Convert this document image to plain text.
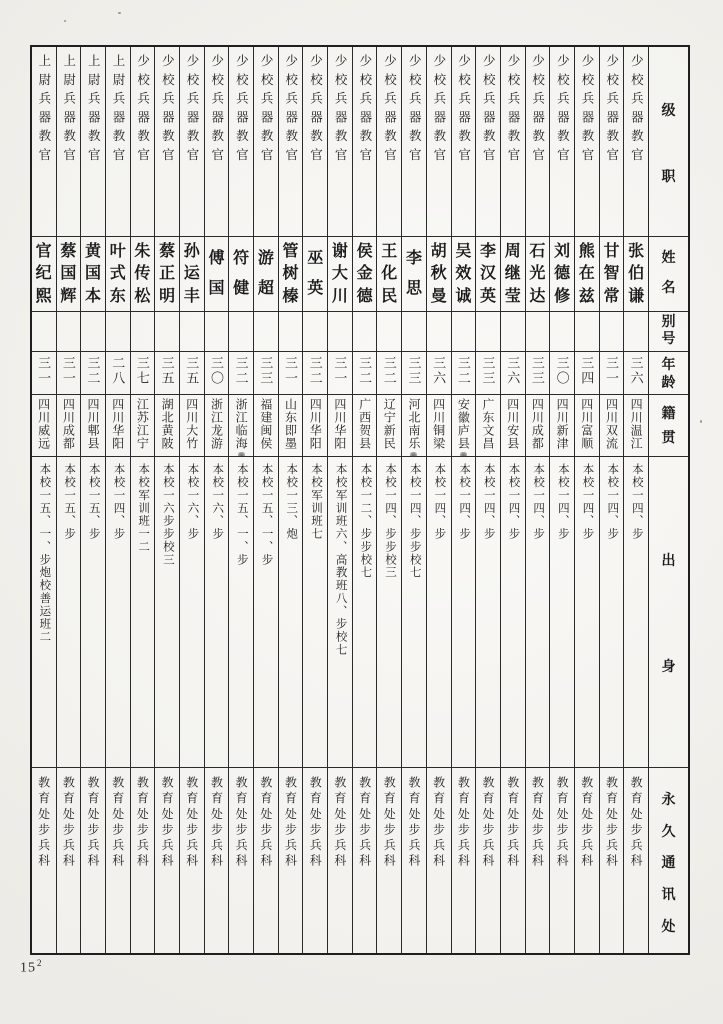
级
职
姓
名
别
号
年
龄
籍
贯
出
身
永
久
通
讯
处
少校兵器教官
张
伯
谦
三六
四川温江
本校一四、步
教育处步兵科
少校兵器教官
甘
智
常
三一
四川双流
本校一四、步
教育处步兵科
少校兵器教官
熊
在
兹
三四
四川富顺
本校一四、步
教育处步兵科
少校兵器教官
刘
德
修
三〇
四川新津
本校一四、步
教育处步兵科
少校兵器教官
石
光
达
三三
四川成都
本校一四、步
教育处步兵科
少校兵器教官
周
继
莹
三六
四川安县
本校一四、步
教育处步兵科
少校兵器教官
李
汉
英
三三
广东文昌
本校一四、步
教育处步兵科
少校兵器教官
吴
效
诚
三二
安徽庐县
本校一四、步
教育处步兵科
少校兵器教官
胡
秋
曼
三六
四川铜梁
本校一四、步
教育处步兵科
少校兵器教官
李
思
三三
河北南乐
本校一四、步步校七
教育处步兵科
少校兵器教官
王
化
民
三二
辽宁新民
本校一四、步步校三
教育处步兵科
少校兵器教官
侯
金
德
三二
广西贺县
本校一二、步步校七
教育处步兵科
少校兵器教官
谢
大
川
三一
四川华阳
本校军训班六、高教班八、步校七
教育处步兵科
少校兵器教官
巫
英
三二
四川华阳
本校军训班七
教育处步兵科
少校兵器教官
管
树
榛
三一
山东即墨
本校一三、炮
教育处步兵科
少校兵器教官
游
超
三三
福建闽侯
本校一五、一、步
教育处步兵科
少校兵器教官
符
健
三二
浙江临海
本校一五、一、步
教育处步兵科
少校兵器教官
傅
国
三〇
浙江龙游
本校一六、步
教育处步兵科
少校兵器教官
孙
运
丰
三五
四川大竹
本校一六、步
教育处步兵科
少校兵器教官
蔡
正
明
三五
湖北黄陂
本校一六步步校三
教育处步兵科
少校兵器教官
朱
传
松
三七
江苏江宁
本校军训班一二
教育处步兵科
上尉兵器教官
叶
式
东
二八
四川华阳
本校一四、步
教育处步兵科
上尉兵器教官
黄
国
本
三二
四川郫县
本校一五、步
教育处步兵科
上尉兵器教官
蔡
国
辉
三一
四川成都
本校一五、步
教育处步兵科
上尉兵器教官
官
纪
熙
三一
四川威远
本校一五、一、步炮校善运班二
教育处步兵科
$15^2$
